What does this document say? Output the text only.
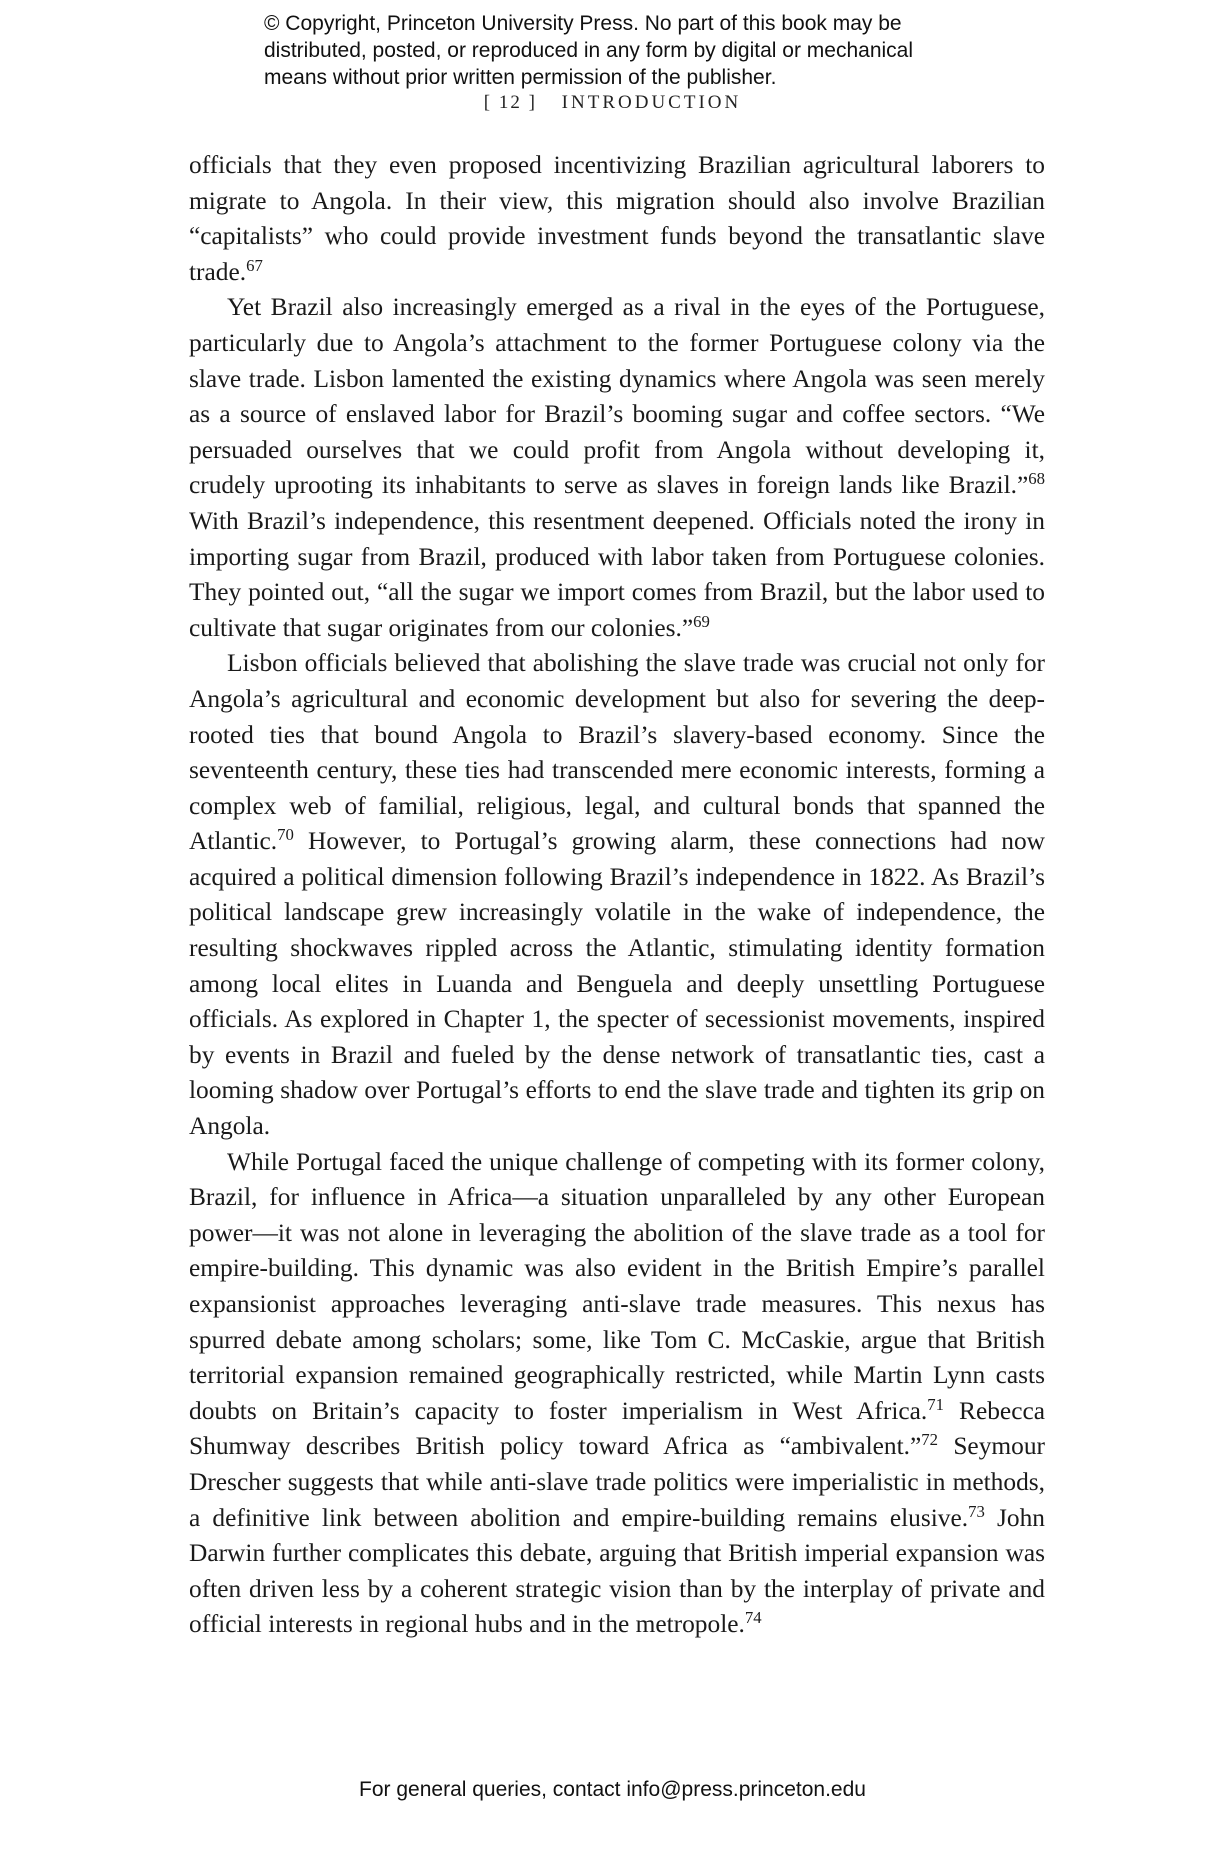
© Copyright, Princeton University Press. No part of this book may be
distributed, posted, or reproduced in any form by digital or mechanical
means without prior written permission of the publisher.
[ 12 ] INTRODUCTION

officials that they even proposed incentivizing Brazilian agricultural laborers to migrate to Angola. In their view, this migration should also involve Brazilian “capitalists” who could provide investment funds beyond the transatlantic slave trade.$^{67}$

Yet Brazil also increasingly emerged as a rival in the eyes of the Portuguese, particularly due to Angola’s attachment to the former Portuguese colony via the slave trade. Lisbon lamented the existing dynamics where Angola was seen merely as a source of enslaved labor for Brazil’s booming sugar and coffee sectors. “We persuaded ourselves that we could profit from Angola without developing it, crudely uprooting its inhabitants to serve as slaves in foreign lands like Brazil.”$^{68}$ With Brazil’s independence, this resentment deepened. Officials noted the irony in importing sugar from Brazil, produced with labor taken from Portuguese colonies. They pointed out, “all the sugar we import comes from Brazil, but the labor used to cultivate that sugar originates from our colonies.”$^{69}$

Lisbon officials believed that abolishing the slave trade was crucial not only for Angola’s agricultural and economic development but also for severing the deep-rooted ties that bound Angola to Brazil’s slavery-based economy. Since the seventeenth century, these ties had transcended mere economic interests, forming a complex web of familial, religious, legal, and cultural bonds that spanned the Atlantic.$^{70}$ However, to Portugal’s growing alarm, these connections had now acquired a political dimension following Brazil’s independence in 1822. As Brazil’s political landscape grew increasingly volatile in the wake of independence, the resulting shockwaves rippled across the Atlantic, stimulating identity formation among local elites in Luanda and Benguela and deeply unsettling Portuguese officials. As explored in Chapter 1, the specter of secessionist movements, inspired by events in Brazil and fueled by the dense network of transatlantic ties, cast a looming shadow over Portugal’s efforts to end the slave trade and tighten its grip on Angola.

While Portugal faced the unique challenge of competing with its former colony, Brazil, for influence in Africa—a situation unparalleled by any other European power—it was not alone in leveraging the abolition of the slave trade as a tool for empire-building. This dynamic was also evident in the British Empire’s parallel expansionist approaches leveraging anti-slave trade measures. This nexus has spurred debate among scholars; some, like Tom C. McCaskie, argue that British territorial expansion remained geographically restricted, while Martin Lynn casts doubts on Britain’s capacity to foster imperialism in West Africa.$^{71}$ Rebecca Shumway describes British policy toward Africa as “ambivalent.”$^{72}$ Seymour Drescher suggests that while anti-slave trade politics were imperialistic in methods, a definitive link between abolition and empire-building remains elusive.$^{73}$ John Darwin further complicates this debate, arguing that British imperial expansion was often driven less by a coherent strategic vision than by the interplay of private and official interests in regional hubs and in the metropole.$^{74}$

For general queries, contact info@press.princeton.edu
